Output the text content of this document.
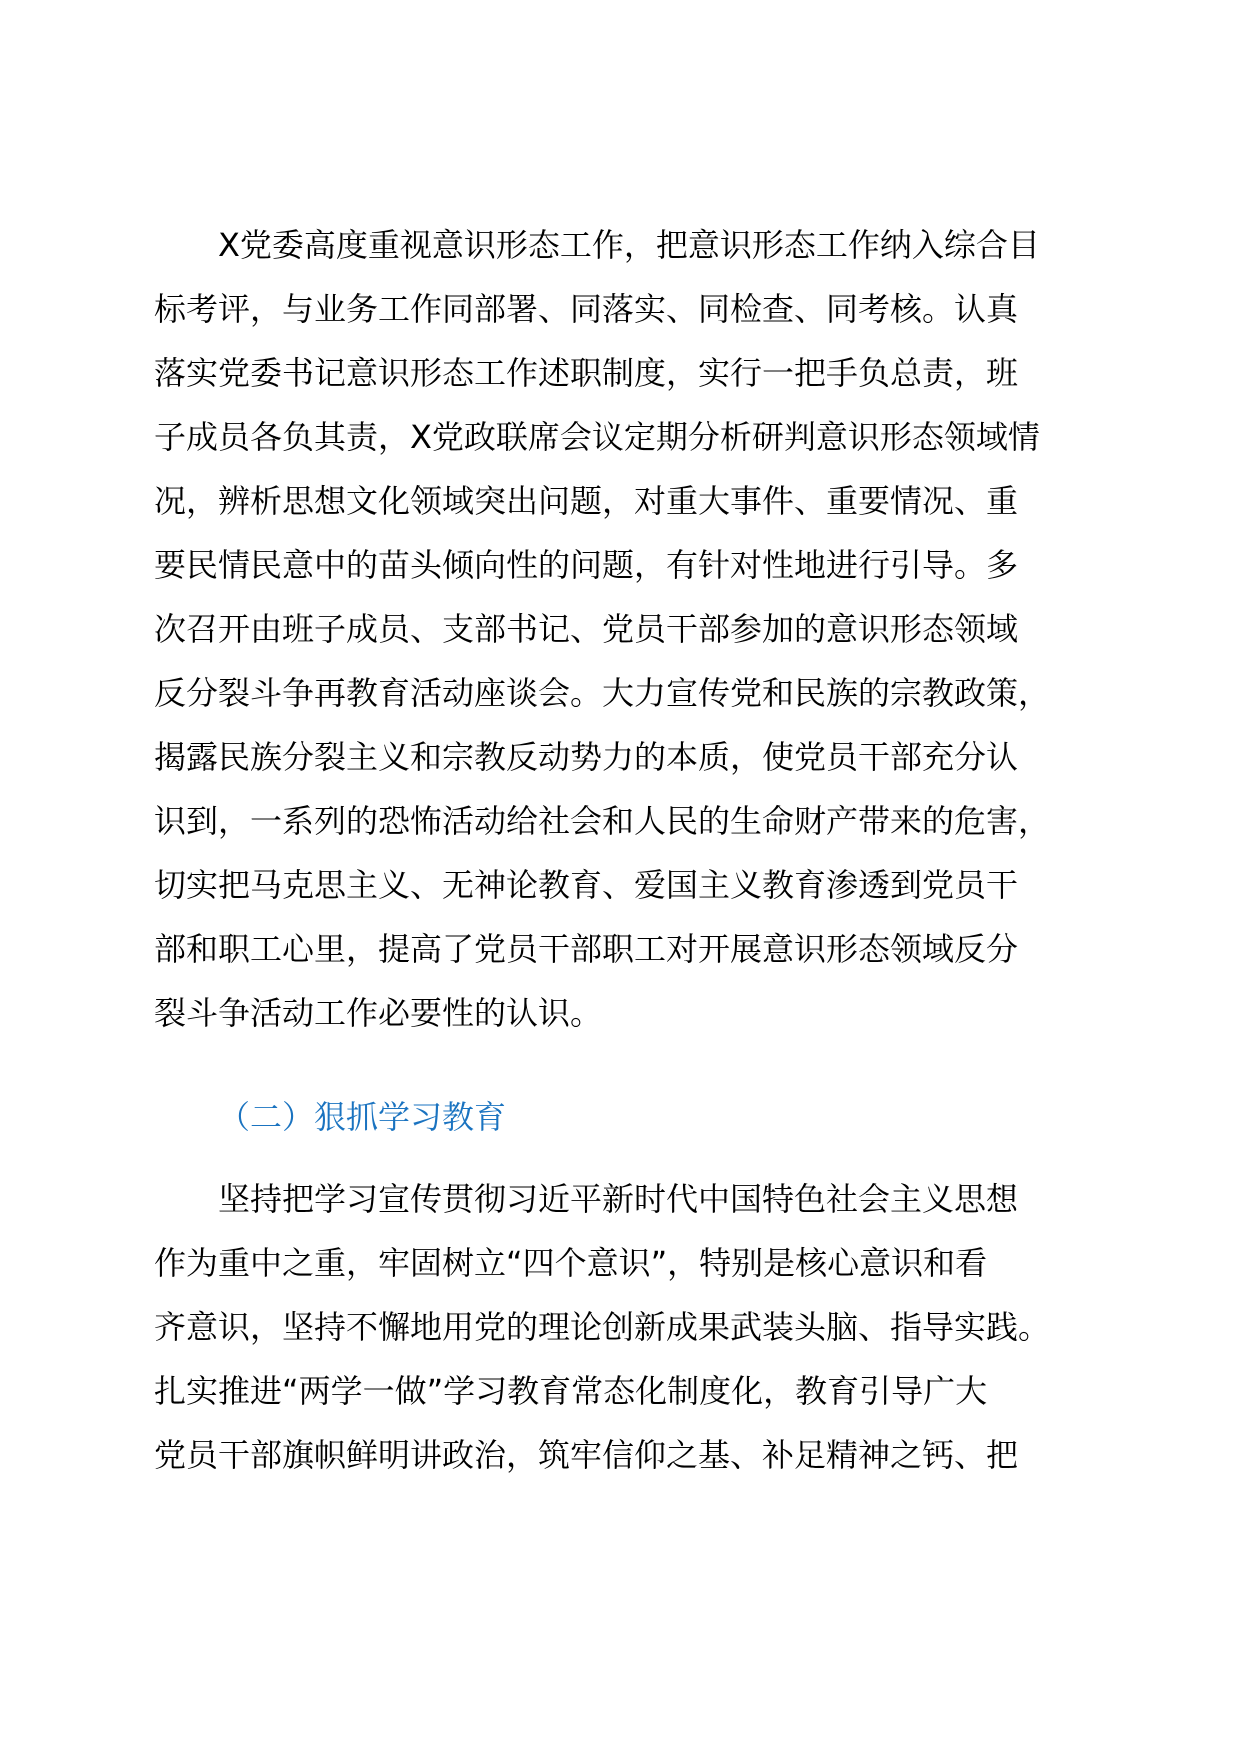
X党委高度重视意识形态工作，把意识形态工作纳入综合目
标考评，与业务工作同部署、同落实、同检查、同考核。认真
落实党委书记意识形态工作述职制度，实行一把手负总责，班
子成员各负其责，X党政联席会议定期分析研判意识形态领域情
况，辨析思想文化领域突出问题，对重大事件、重要情况、重
要民情民意中的苗头倾向性的问题，有针对性地进行引导。多
次召开由班子成员、支部书记、党员干部参加的意识形态领域
反分裂斗争再教育活动座谈会。大力宣传党和民族的宗教政策，
揭露民族分裂主义和宗教反动势力的本质，使党员干部充分认
识到，一系列的恐怖活动给社会和人民的生命财产带来的危害，
切实把马克思主义、无神论教育、爱国主义教育渗透到党员干
部和职工心里，提高了党员干部职工对开展意识形态领域反分
裂斗争活动工作必要性的认识。
（二）狠抓学习教育
坚持把学习宣传贯彻习近平新时代中国特色社会主义思想
作为重中之重，牢固树立“四个意识”，特别是核心意识和看
齐意识，坚持不懈地用党的理论创新成果武装头脑、指导实践。
扎实推进“两学一做”学习教育常态化制度化，教育引导广大
党员干部旗帜鲜明讲政治，筑牢信仰之基、补足精神之钙、把
